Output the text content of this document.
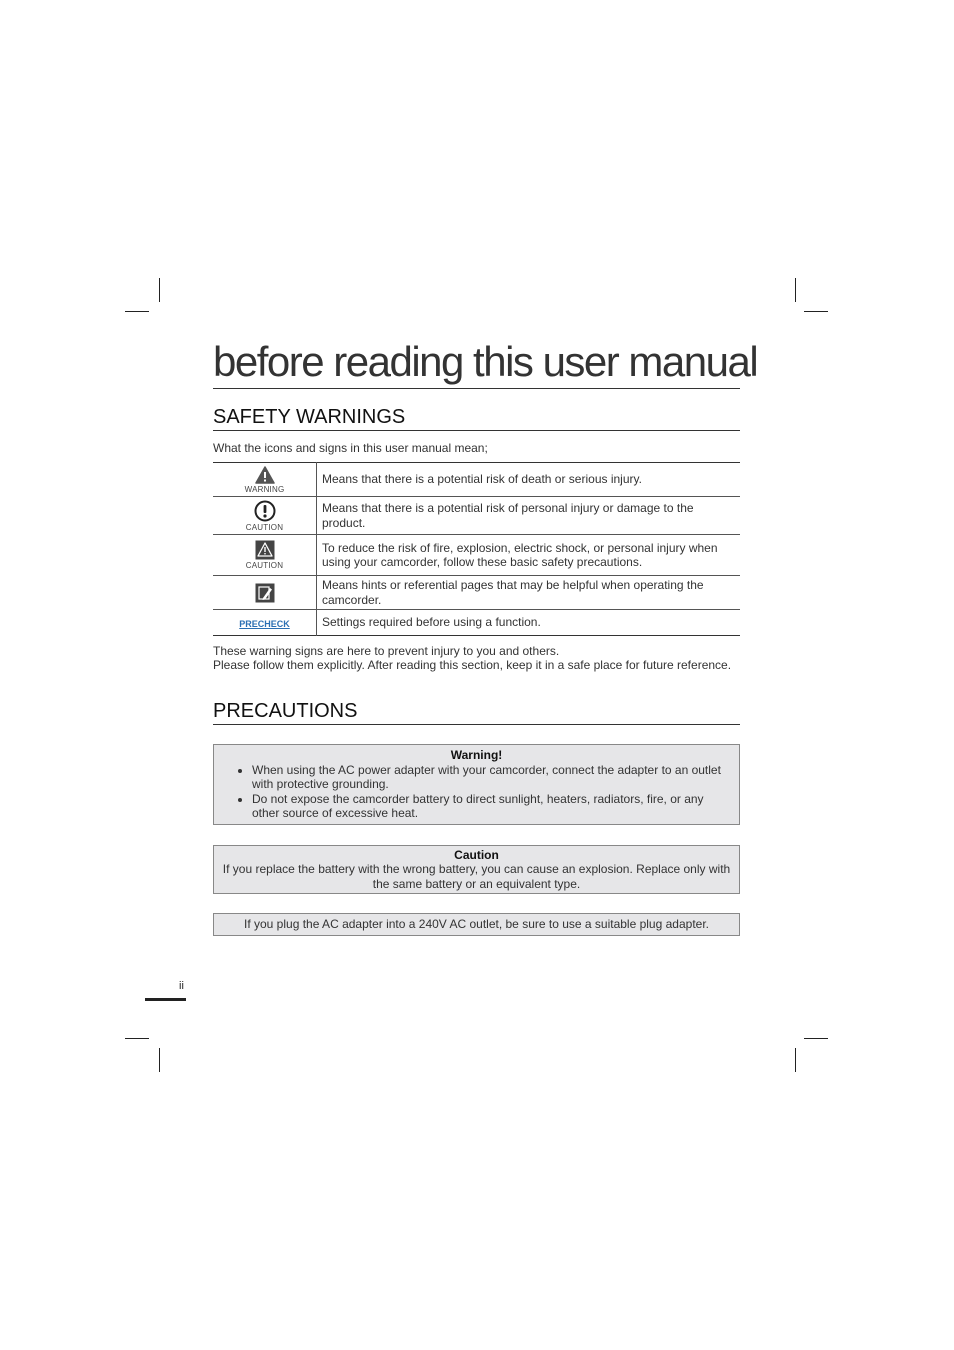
before reading this user manual
SAFETY WARNINGS

What the icons and signs in this user manual mean;

WARNING	Means that there is a potential risk of death or serious injury.

CAUTION	Means that there is a potential risk of personal injury or damage to the product.

CAUTION	To reduce the risk of fire, explosion, electric shock, or personal injury when using your camcorder, follow these basic safety precautions.

	Means hints or referential pages that may be helpful when operating the camcorder.
PRECHECK	Settings required before using a function.

These warning signs are here to prevent injury to you and others.
Please follow them explicitly. After reading this section, keep it in a safe place for future reference.

PRECAUTIONS
Warning!
• When using the AC power adapter with your camcorder, connect the adapter to an outlet with protective grounding.
• Do not expose the camcorder battery to direct sunlight, heaters, radiators, fire, or any other source of excessive heat.
Caution
If you replace the battery with the wrong battery, you can cause an explosion. Replace only with the same battery or an equivalent type.
If you plug the AC adapter into a 240V AC outlet, be sure to use a suitable plug adapter.
ii
